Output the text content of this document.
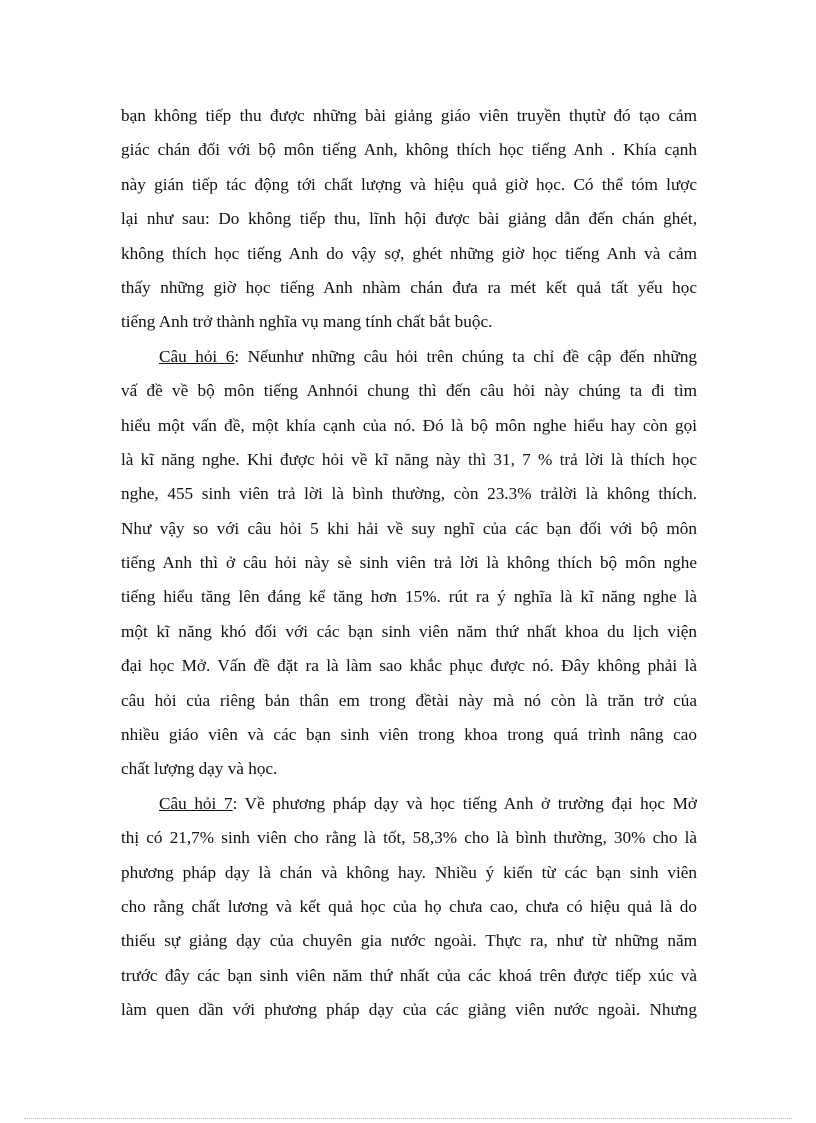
bạn không tiếp thu được những bài giảng giáo viên truyền thụtừ đó tạo cảm
giác chán đối với bộ môn tiếng Anh, không thích học tiếng Anh . Khía cạnh
này gián tiếp tác động tới chất lượng và hiệu quả giờ học. Có thể tóm lược
lại như sau: Do không tiếp thu, lĩnh hội được bài giảng dẫn đến chán ghét,
không thích học tiếng Anh do vậy sợ, ghét những giờ học tiếng Anh và cảm
thấy những giờ học tiếng Anh nhàm chán đưa ra mét kết quả tất yếu học
tiếng Anh trở thành nghĩa vụ mang tính chất bắt buộc.
Câu hỏi 6: Nếunhư những câu hỏi trên chúng ta chỉ đề cập đến những
vấ đề về bộ môn tiếng Anhnói chung thì đến câu hỏi này chúng ta đi tìm
hiểu một vấn đề, một khía cạnh của nó. Đó là bộ môn nghe hiểu hay còn gọi
là kĩ năng nghe. Khi được hỏi về kĩ năng này thì 31, 7 % trả lời là thích học
nghe, 455 sinh viên trả lời là bình thường, còn 23.3% trảlời là không thích.
Như vậy so với câu hỏi 5 khi hải về suy nghĩ của các bạn đối với bộ môn
tiếng Anh thì ở câu hỏi này sè sinh viên trả lời là không thích bộ môn nghe
tiếng hiểu tăng lên đáng kể tăng hơn 15%. rút ra ý nghĩa là kĩ năng nghe là
một kĩ năng khó đối với các bạn sinh viên năm thứ nhất khoa du lịch viện
đại học Mở. Vấn đề đặt ra là làm sao khắc phục được nó. Đây không phải là
câu hỏi của riêng bản thân em trong đềtài này mà nó còn là trăn trở của
nhiều giáo viên và các bạn sinh viên trong khoa trong quá trình nâng cao
chất lượng dạy và học.
Câu hỏi 7: Về phương pháp dạy và học tiếng Anh ở trường đại học Mở
thị có 21,7% sinh viên cho rằng là tốt, 58,3% cho là bình thường, 30% cho là
phương pháp dạy là chán và không hay. Nhiều ý kiến từ các bạn sinh viên
cho rằng chất lương và kết quả học của họ chưa cao, chưa có hiệu quả là do
thiếu sự giảng dạy của chuyên gia nước ngoài. Thực ra, như từ những năm
trước đây các bạn sinh viên năm thứ nhất của các khoá trên được tiếp xúc và
làm quen dần với phương pháp dạy của các giảng viên nước ngoài. Nhưng
